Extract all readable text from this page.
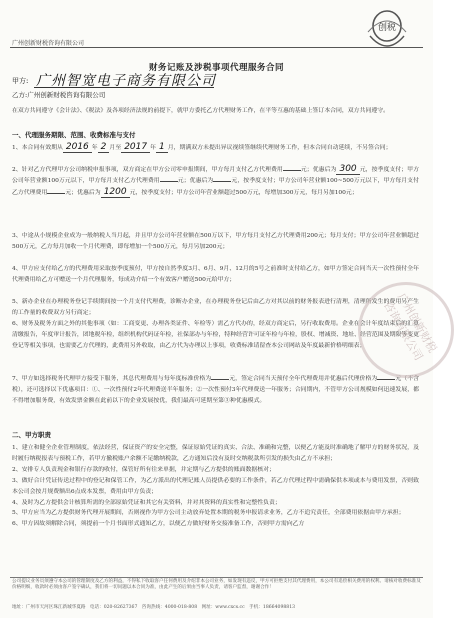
广州创新财税咨询有限公司
创税
财务记账及涉税事项代理服务合同
甲方: 广州智宽电子商务有限公司
乙方:广州创新财税咨询有限公司
在双方共同遵守《会计法》、《税法》及各项经济法规的前提下，就甲方委托乙方代理财务工作，在平等互惠的基础上签订本合同，双方共同遵守。
一、代理服务期限、范围、收费标准与支付
1、本合同有效期从 2016 年 2 月至 2017 年 1 月，期满双方未提出异议视续签继续代理财务工作，但本合同自动延续，不另签合同；
2、针对乙方代理甲方公司纳税申报事项，双方商定在甲方公司零申报期间，甲方每月支付乙方代理费用	元；优惠后为 300 元，按季度支付；甲方公司年营业额100万元以下，甲方每月支付乙方代理费用	元；优惠后为	元，按季度支付；甲方公司年营业额100~500万元以下，甲方每月支付乙方代理费用	元；优惠后为 1200 元，按季度支付；甲方公司年营业额超过500万元，每增加300万元，每月另加100元；
3、中途从小规模企业成为一般纳税人当月起，并且甲方公司年营业额在500万以下，甲方每月支付乙方代理费用200元；每月支付；甲方公司年营业额超过500万元，乙方每月加收一个月代理费，即每增加一个500万元，每月另加200元；
4、甲方应支付给乙方的代理费用采取按季度预付，甲方按自然季度3月、6月、9月、12月的5号之前准时支付给乙方，如甲方签定合同当天一次性预付全年代理费用给乙方可赠送一个月代理服务，每成功介绍一个有效客户赠送500元给甲方；
5、新办企业在办理税务登记手续期间按一个月支付代理费，诊断办企业，在办理税务登记后由乙方对其以前的财务报表进行清理，清理所发生的费用另产生的工作量的收费双方另行商定；
6、财务及税务方面之外的其他事项（如：工商变更、办理各类证件、年检等）需乙方代办的，经双方商定后，另行收取费用。企业在会计年度结束后的汇算清缴报告，年度审计报告，团地税年检，组织机构代码证年检，社保部办与年检，特种经营许可证年检与年检，股权、增减资、地址、经营范围及期限等变更登记等相关事项，也需要乙方代理的，此费用另外收取，由乙方代为办理以上事项，收费标准请留查本公司网站及年度最新价格明细表；
7、甲方如选择税务代理甲方接受下服务，其总代理费用与每年度标准价格为	元，签定合同当天预付全年代理费用并优惠后代理价格为	元（不含税），还可选择以下优惠项目：①、一次性预付2年代理费送半年服务；②一次性预付3年代理费送一年服务；合同期内，不管甲方公司规模如何迅速发展，都不得增加服务费，有效发票金额在此前以下的企业发展按优，我们最高可延期至第③种优惠模式。
二、甲方职责
1、建立和健全企业管理制度，依法经营，保证资产的安全完整，保证原始凭证的真实、合法、准确和完整，以便乙方能及时准确地了解甲方的财务状况，及时履行纳税报表与预税工作，若甲方撤税账户余额不足缴纳税款，乙方通知后没有及时交纳税款所引发的损失由乙方不承担；
2、安排专人负责现金和银行存款的收付，保管好所有往来单据，并定期与乙方提供的账面数据核对；
3、做好合计凭证传送过程中的登记和保管工作，为乙方派出的代理记账人员提供必要的工作条件，若乙方代理过程中需确保供本项或本与费用发票，否则致本公司会按月规费额出6点成本发票，费用由甲方负责；
4、及时为乙方提供会计核算所需的全部原始凭证和其它有关资料，并对其资料的真实性和完整性负责；
5、甲方应当为乙方提供财务代理开展期间，否则视作为甲方公司主动放弃处置本期的税务申报请求业务，乙方不追究责任，全部费用依据由甲方承担；
6、甲方因故须解除合同，须提前一个月书面形式通知乙方，以便乙方做好财务交接准备工作，否则甲方需向乙方
广州创新财税咨询有限公司
公司提议业务员须遵守本公司的管理制度及乙方的利益，不得私下收取客户任何费用及介绍非本公司业务，如发现有违反，甲方可拒绝支付其代理费用，本公司有追偿相关费用的权利。请核对收费标准及价格明细，收款时必须由客户签字确认，我们将一切问题以本合同为准，由此产生的后果由当事人负责，请客户监督，谢谢合作！
地址：广州市天河区珠江新城华夏路 电话：020-82627367 咨询热线：4000-018-808 网址：www.cxcs.cc 手机：18664098813
